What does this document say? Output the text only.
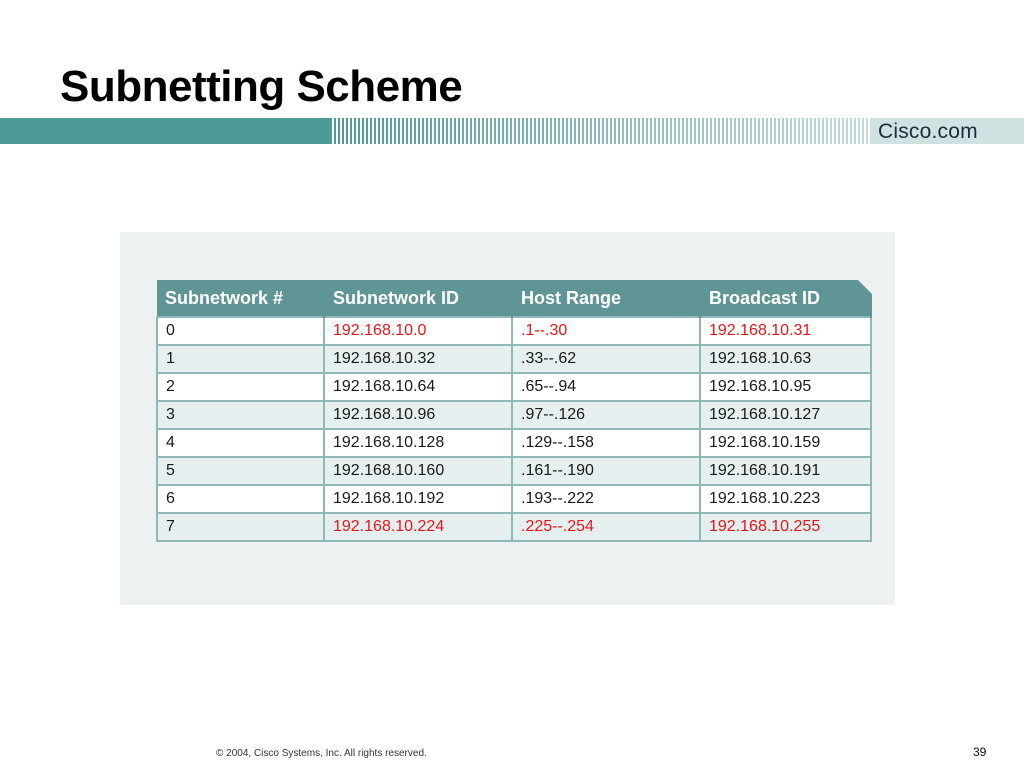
Subnetting Scheme
Cisco.com
Subnetwork #	Subnetwork ID	Host Range	Broadcast ID
0	192.168.10.0	.1--.30	192.168.10.31
1	192.168.10.32	.33--.62	192.168.10.63
2	192.168.10.64	.65--.94	192.168.10.95
3	192.168.10.96	.97--.126	192.168.10.127
4	192.168.10.128	.129--.158	192.168.10.159
5	192.168.10.160	.161--.190	192.168.10.191
6	192.168.10.192	.193--.222	192.168.10.223
7	192.168.10.224	.225--.254	192.168.10.255
© 2004, Cisco Systems, Inc. All rights reserved.	39
